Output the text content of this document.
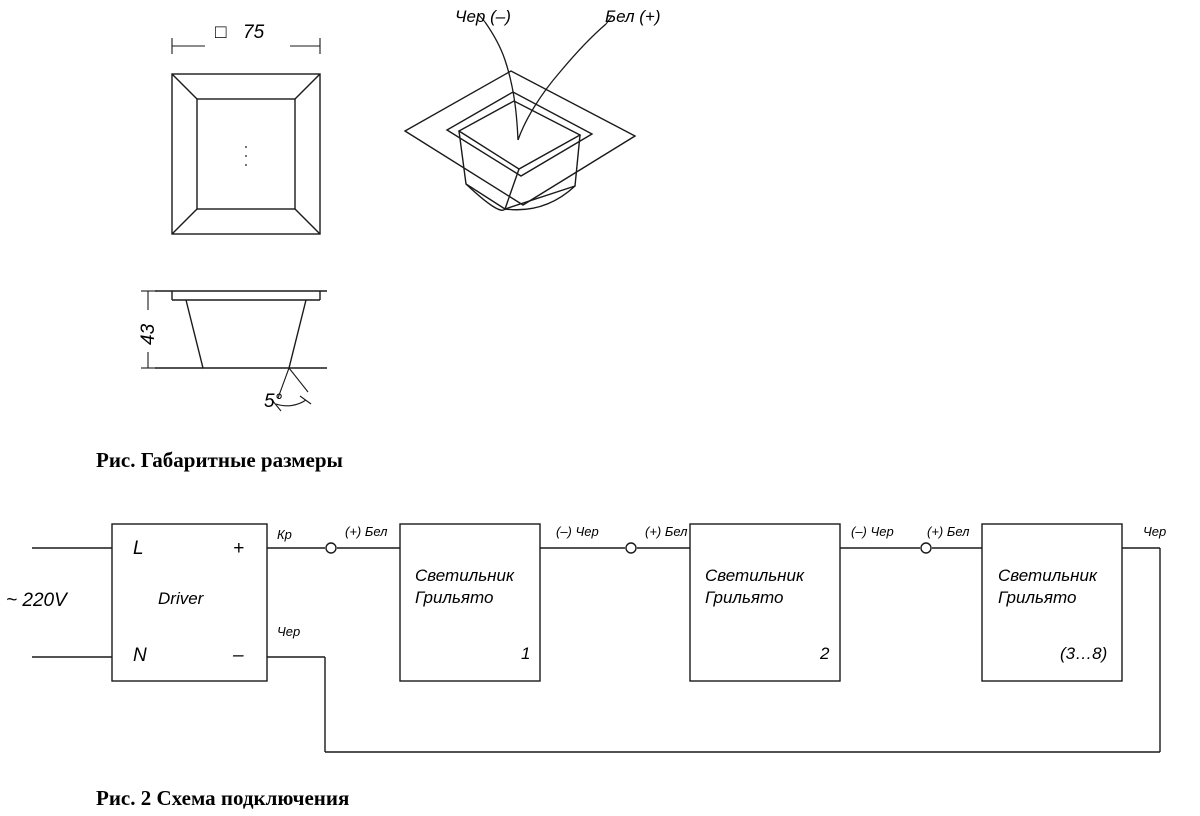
□ 75
43
5°
Чер (–)	Бел (+)
Рис. Габаритные размеры
Рис. 2 Схема подключения
~ 220V
L
N
+
–
Driver
Кр
Чер
(+) Бел	(–) Чер	(+) Бел	(–) Чер	(+) Бел	Чер
Светильник
Грильято
1
Светильник
Грильято
2
Светильник
Грильято
(3…8)
